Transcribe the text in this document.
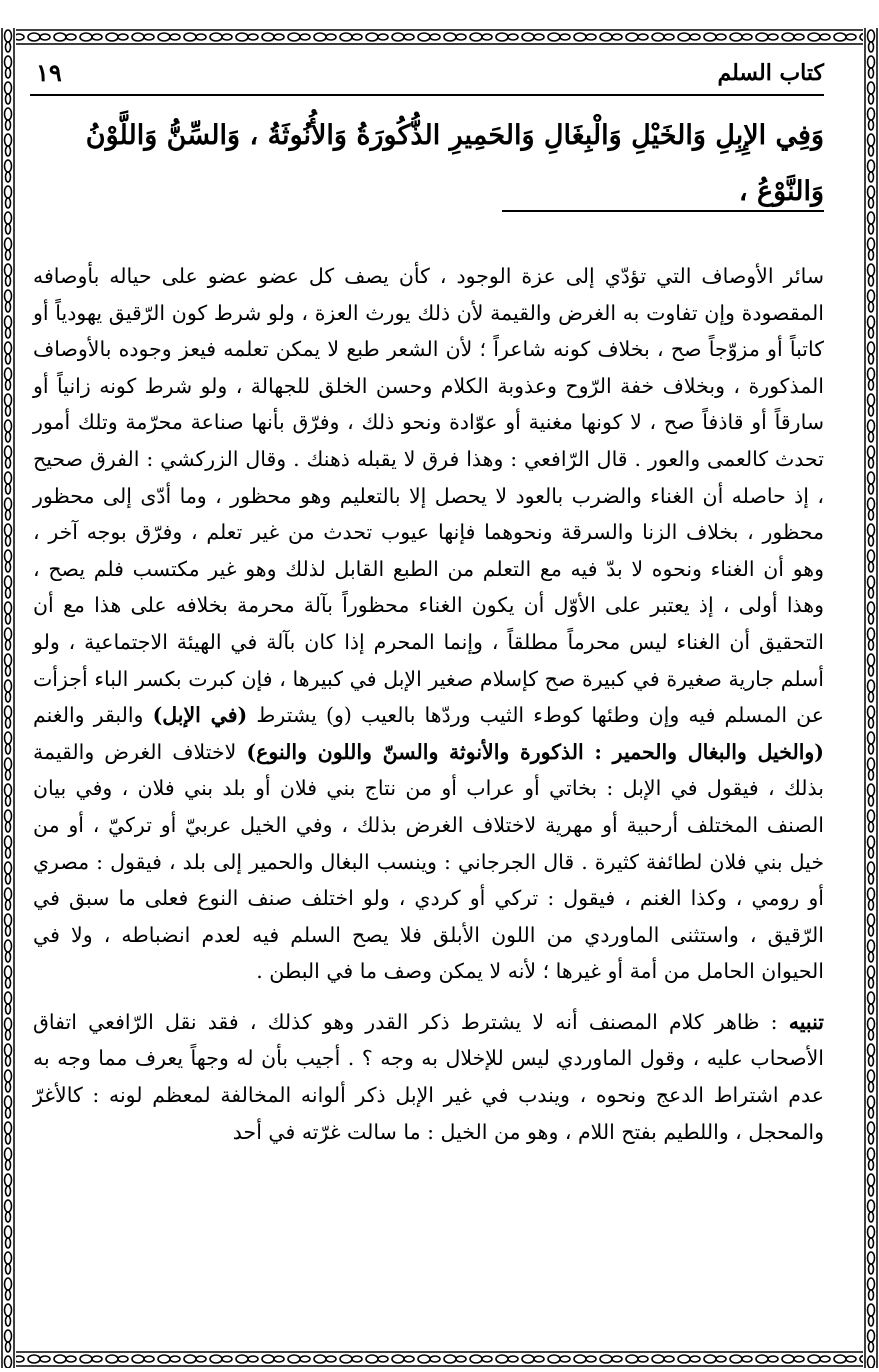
كتاب السلم
١٩
وَفِي الإِبِلِ وَالخَيْلِ وَالْبِغَالِ وَالحَمِيرِ الذُّكُورَةُ وَالأُنُوثَةُ ، وَالسِّنُّ وَاللَّوْنُ وَالنَّوْعُ ،

سائر الأوصاف التي تؤدّي إلى عزة الوجود ، كأن يصف كل عضو عضو على حياله بأوصافه المقصودة وإن تفاوت به الغرض والقيمة لأن ذلك يورث العزة ، ولو شرط كون الرّقيق يهودياً أو كاتباً أو مزوّجاً صح ، بخلاف كونه شاعراً ؛ لأن الشعر طبع لا يمكن تعلمه فيعز وجوده بالأوصاف المذكورة ، وبخلاف خفة الرّوح وعذوبة الكلام وحسن الخلق للجهالة ، ولو شرط كونه زانياً أو سارقاً أو قاذفاً صح ، لا كونها مغنية أو عوّادة ونحو ذلك ، وفرّق بأنها صناعة محرّمة وتلك أمور تحدث كالعمى والعور . قال الرّافعي : وهذا فرق لا يقبله ذهنك . وقال الزركشي : الفرق صحيح ، إذ حاصله أن الغناء والضرب بالعود لا يحصل إلا بالتعليم وهو محظور ، وما أدّى إلى محظور محظور ، بخلاف الزنا والسرقة ونحوهما فإنها عيوب تحدث من غير تعلم ، وفرّق بوجه آخر ، وهو أن الغناء ونحوه لا بدّ فيه مع التعلم من الطبع القابل لذلك وهو غير مكتسب فلم يصح ، وهذا أولى ، إذ يعتبر على الأوّل أن يكون الغناء محظوراً بآلة محرمة بخلافه على هذا مع أن التحقيق أن الغناء ليس محرماً مطلقاً ، وإنما المحرم إذا كان بآلة في الهيئة الاجتماعية ، ولو أسلم جارية صغيرة في كبيرة صح كإسلام صغير الإبل في كبيرها ، فإن كبرت بكسر الباء أجزأت عن المسلم فيه وإن وطئها كوطء الثيب وردّها بالعيب (و) يشترط (في الإبل) والبقر والغنم (والخيل والبغال والحمير : الذكورة والأنوثة والسنّ واللون والنوع) لاختلاف الغرض والقيمة بذلك ، فيقول في الإبل : بخاتي أو عراب أو من نتاج بني فلان أو بلد بني فلان ، وفي بيان الصنف المختلف أرحبية أو مهرية لاختلاف الغرض بذلك ، وفي الخيل عربيّ أو تركيّ ، أو من خيل بني فلان لطائفة كثيرة . قال الجرجاني : وينسب البغال والحمير إلى بلد ، فيقول : مصري أو رومي ، وكذا الغنم ، فيقول : تركي أو كردي ، ولو اختلف صنف النوع فعلى ما سبق في الرّقيق ، واستثنى الماوردي من اللون الأبلق فلا يصح السلم فيه لعدم انضباطه ، ولا في الحيوان الحامل من أمة أو غيرها ؛ لأنه لا يمكن وصف ما في البطن .

تنبيه : ظاهر كلام المصنف أنه لا يشترط ذكر القدر وهو كذلك ، فقد نقل الرّافعي اتفاق الأصحاب عليه ، وقول الماوردي ليس للإخلال به وجه ؟ . أجيب بأن له وجهاً يعرف مما وجه به عدم اشتراط الدعج ونحوه ، ويندب في غير الإبل ذكر ألوانه المخالفة لمعظم لونه : كالأغرّ والمحجل ، واللطيم بفتح اللام ، وهو من الخيل : ما سالت غرّته في أحد
